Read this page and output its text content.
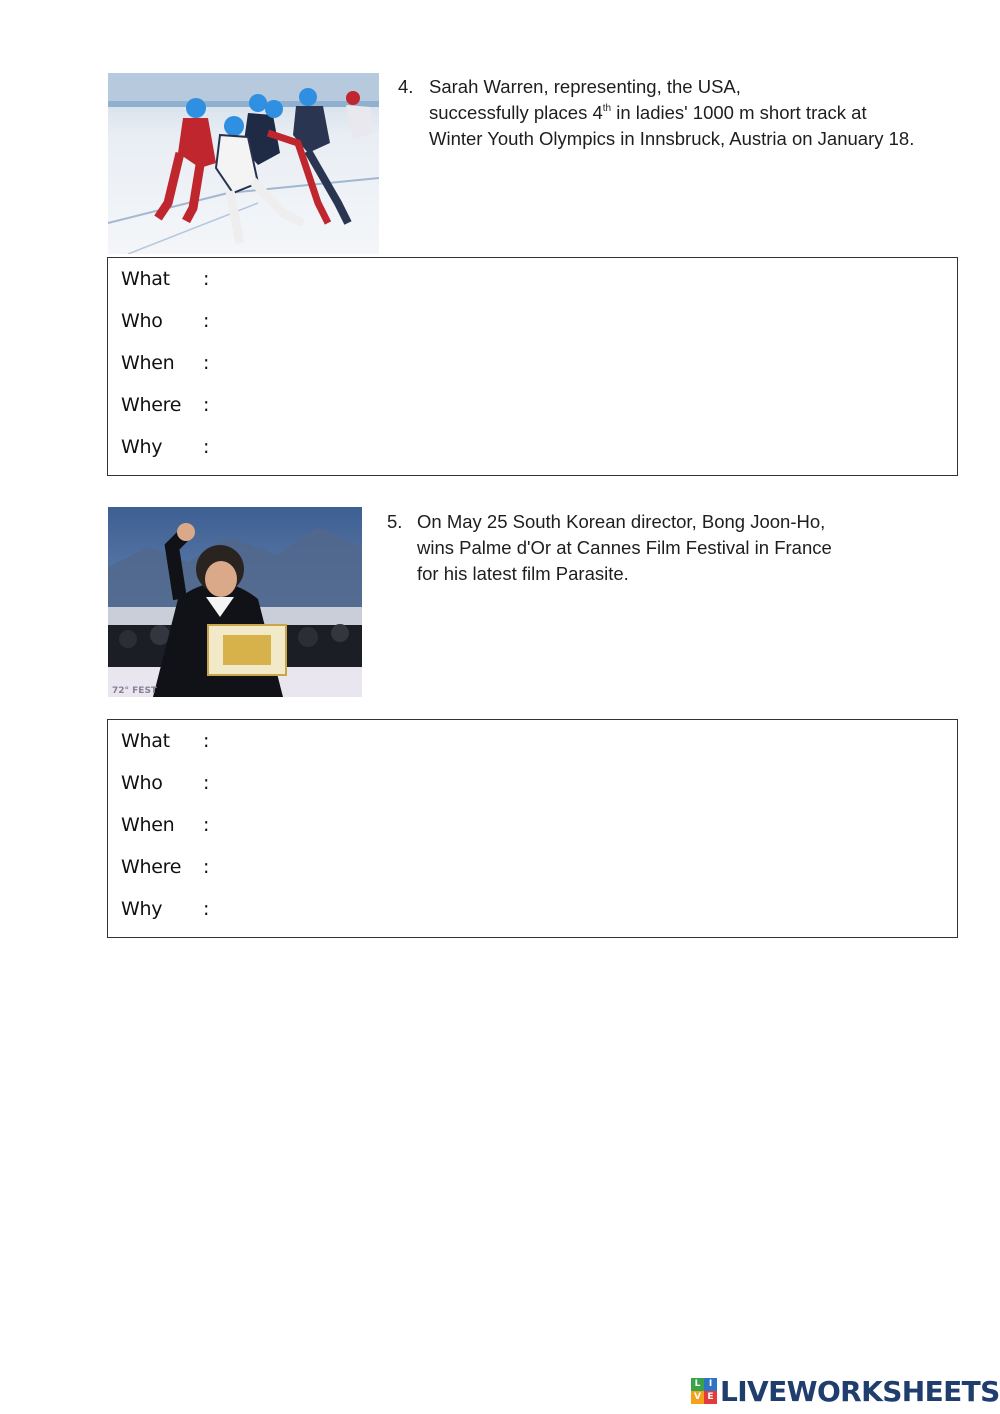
4. Sarah Warren, representing, the USA,
successfully places 4th in ladies' 1000 m short track at
Winter Youth Olympics in Innsbruck, Austria on January 18.
What :
Who :
When :
Where :
Why :
72° FEST
5. On May 25 South Korean director, Bong Joon-Ho,
wins Palme d'Or at Cannes Film Festival in France
for his latest film Parasite.
What :
Who :
When :
Where :
Why :
L I
V E LIVEWORKSHEETS
